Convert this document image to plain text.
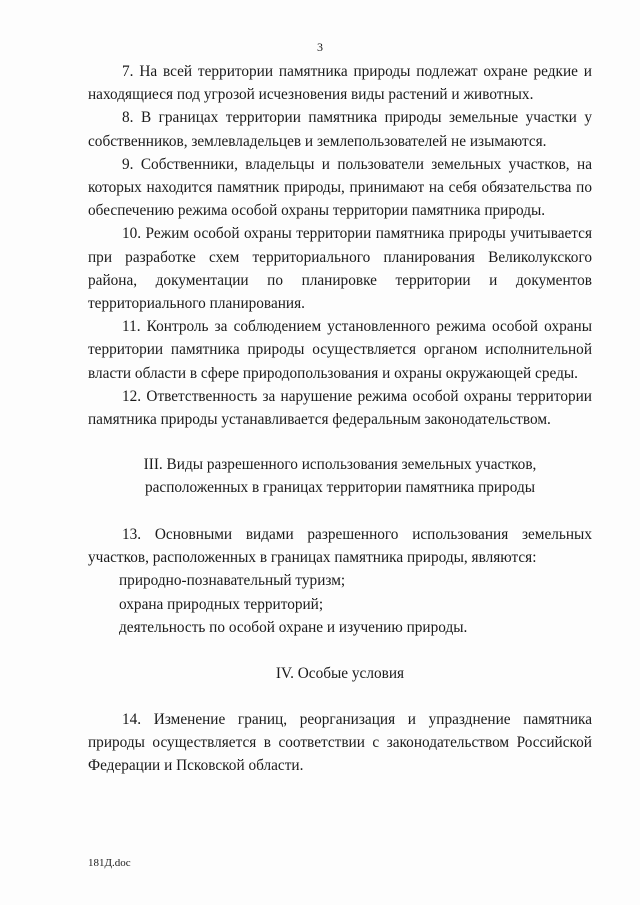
3

7. На всей территории памятника природы подлежат охране редкие и находящиеся под угрозой исчезновения виды растений и животных.

8. В границах территории памятника природы земельные участки у собственников, землевладельцев и землепользователей не изымаются.

9. Собственники, владельцы и пользователи земельных участков, на которых находится памятник природы, принимают на себя обязательства по обеспечению режима особой охраны территории памятника природы.

10. Режим особой охраны территории памятника природы учитывается при разработке схем территориального планирования Великолукского района, документации по планировке территории и документов территориального планирования.

11. Контроль за соблюдением установленного режима особой охраны территории памятника природы осуществляется органом исполнительной власти области в сфере природопользования и охраны окружающей среды.

12. Ответственность за нарушение режима особой охраны территории памятника природы устанавливается федеральным законодательством.

III. Виды разрешенного использования земельных участков,

расположенных в границах территории памятника природы

13. Основными видами разрешенного использования земельных участков, расположенных в границах памятника природы, являются:

природно-познавательный туризм;

охрана природных территорий;

деятельность по особой охране и изучению природы.

IV. Особые условия

14. Изменение границ, реорганизация и упразднение памятника природы осуществляется в соответствии с законодательством Российской Федерации и Псковской области.

181Д.doc
